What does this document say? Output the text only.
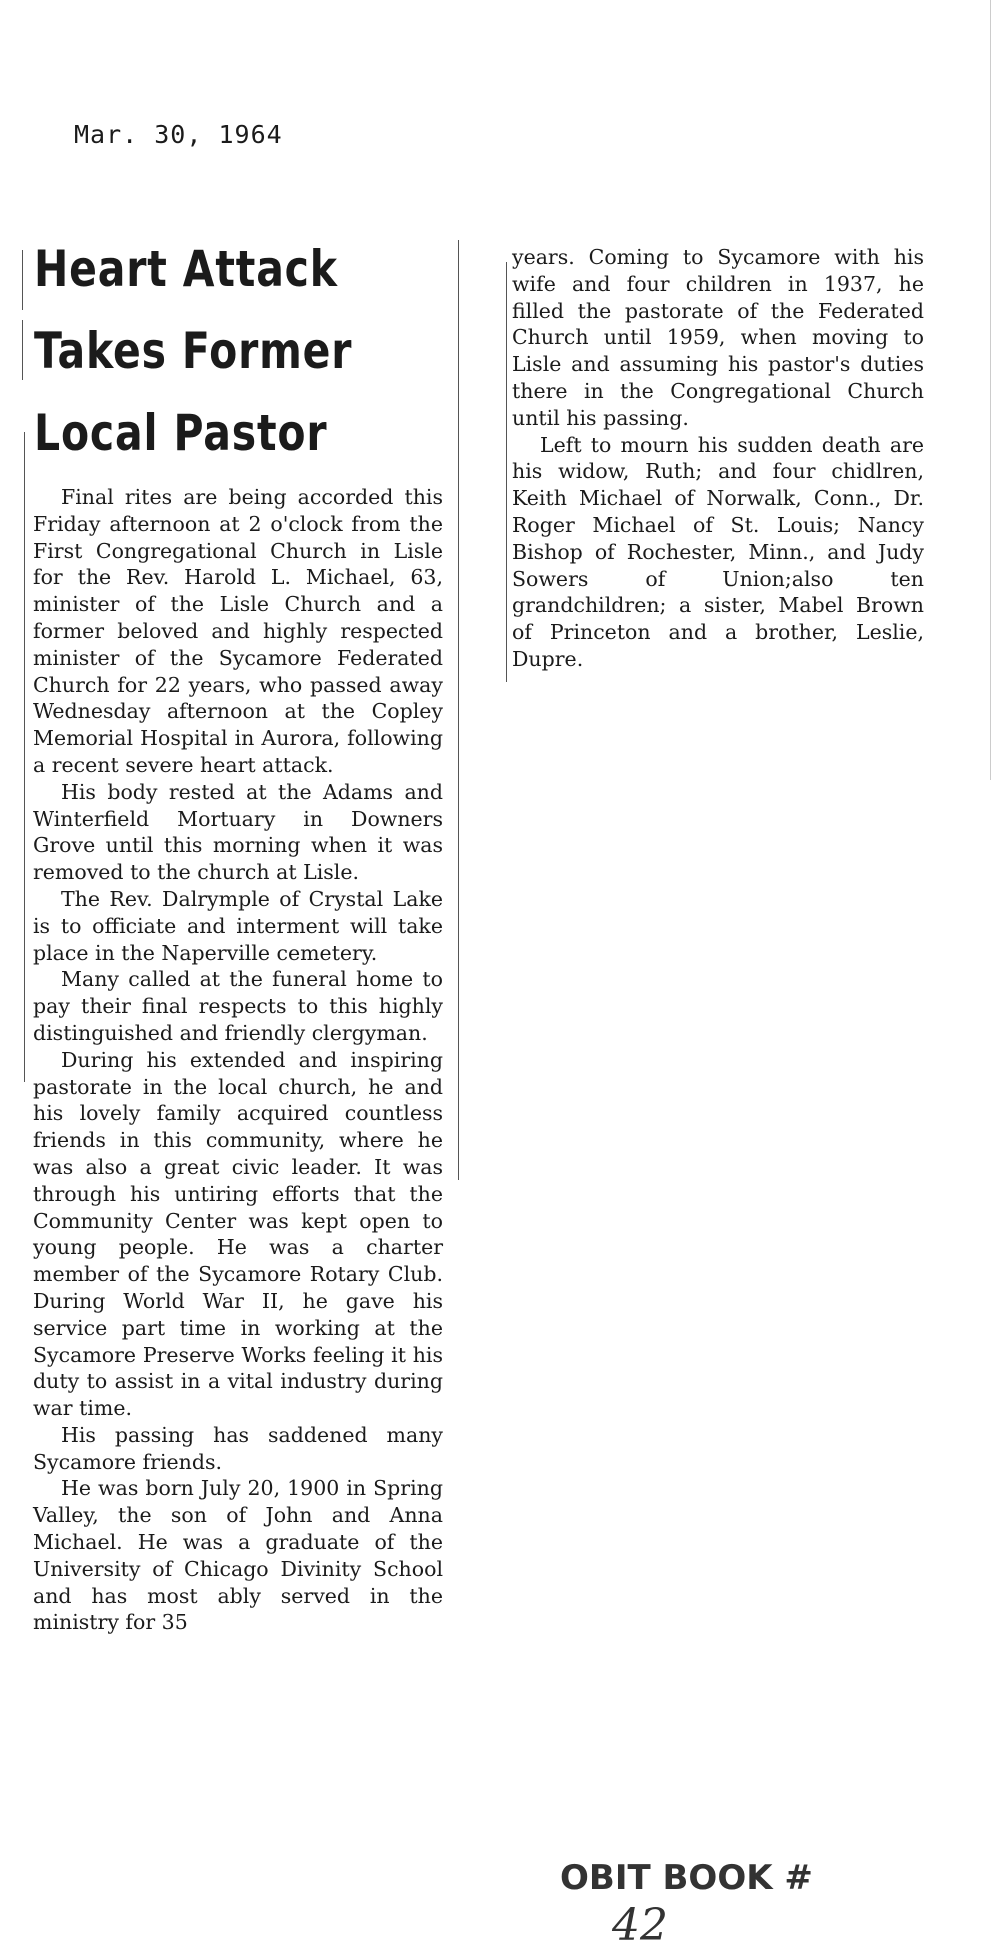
Mar. 30, 1964
Heart Attack
Takes Former
Local Pastor

Final rites are being accorded this Friday afternoon at 2 o'clock from the First Congregational Church in Lisle for the Rev. Harold L. Michael, 63, minister of the Lisle Church and a former beloved and highly respected minister of the Sycamore Federated Church for 22 years, who passed away Wednesday afternoon at the Copley Memorial Hospital in Aurora, following a recent severe heart attack.

His body rested at the Adams and Winterfield Mortuary in Downers Grove until this morning when it was removed to the church at Lisle.

The Rev. Dalrymple of Crystal Lake is to officiate and interment will take place in the Naperville cemetery.

Many called at the funeral home to pay their final respects to this highly distinguished and friendly clergyman.

During his extended and inspiring pastorate in the local church, he and his lovely family acquired countless friends in this community, where he was also a great civic leader. It was through his untiring efforts that the Community Center was kept open to young people. He was a charter member of the Sycamore Rotary Club. During World War II, he gave his service part time in working at the Sycamore Preserve Works feeling it his duty to assist in a vital industry during war time.

His passing has saddened many Sycamore friends.

He was born July 20, 1900 in Spring Valley, the son of John and Anna Michael. He was a graduate of the University of Chicago Divinity School and has most ably served in the ministry for 35

years. Coming to Sycamore with his wife and four children in 1937, he filled the pastorate of the Federated Church until 1959, when moving to Lisle and assuming his pastor's duties there in the Congregational Church until his passing.

Left to mourn his sudden death are his widow, Ruth; and four chidlren, Keith Michael of Norwalk, Conn., Dr. Roger Michael of St. Louis; Nancy Bishop of Rochester, Minn., and Judy Sowers of Union;also ten grandchildren; a sister, Mabel Brown of Princeton and a brother, Leslie, Dupre.

OBIT BOOK #
42
